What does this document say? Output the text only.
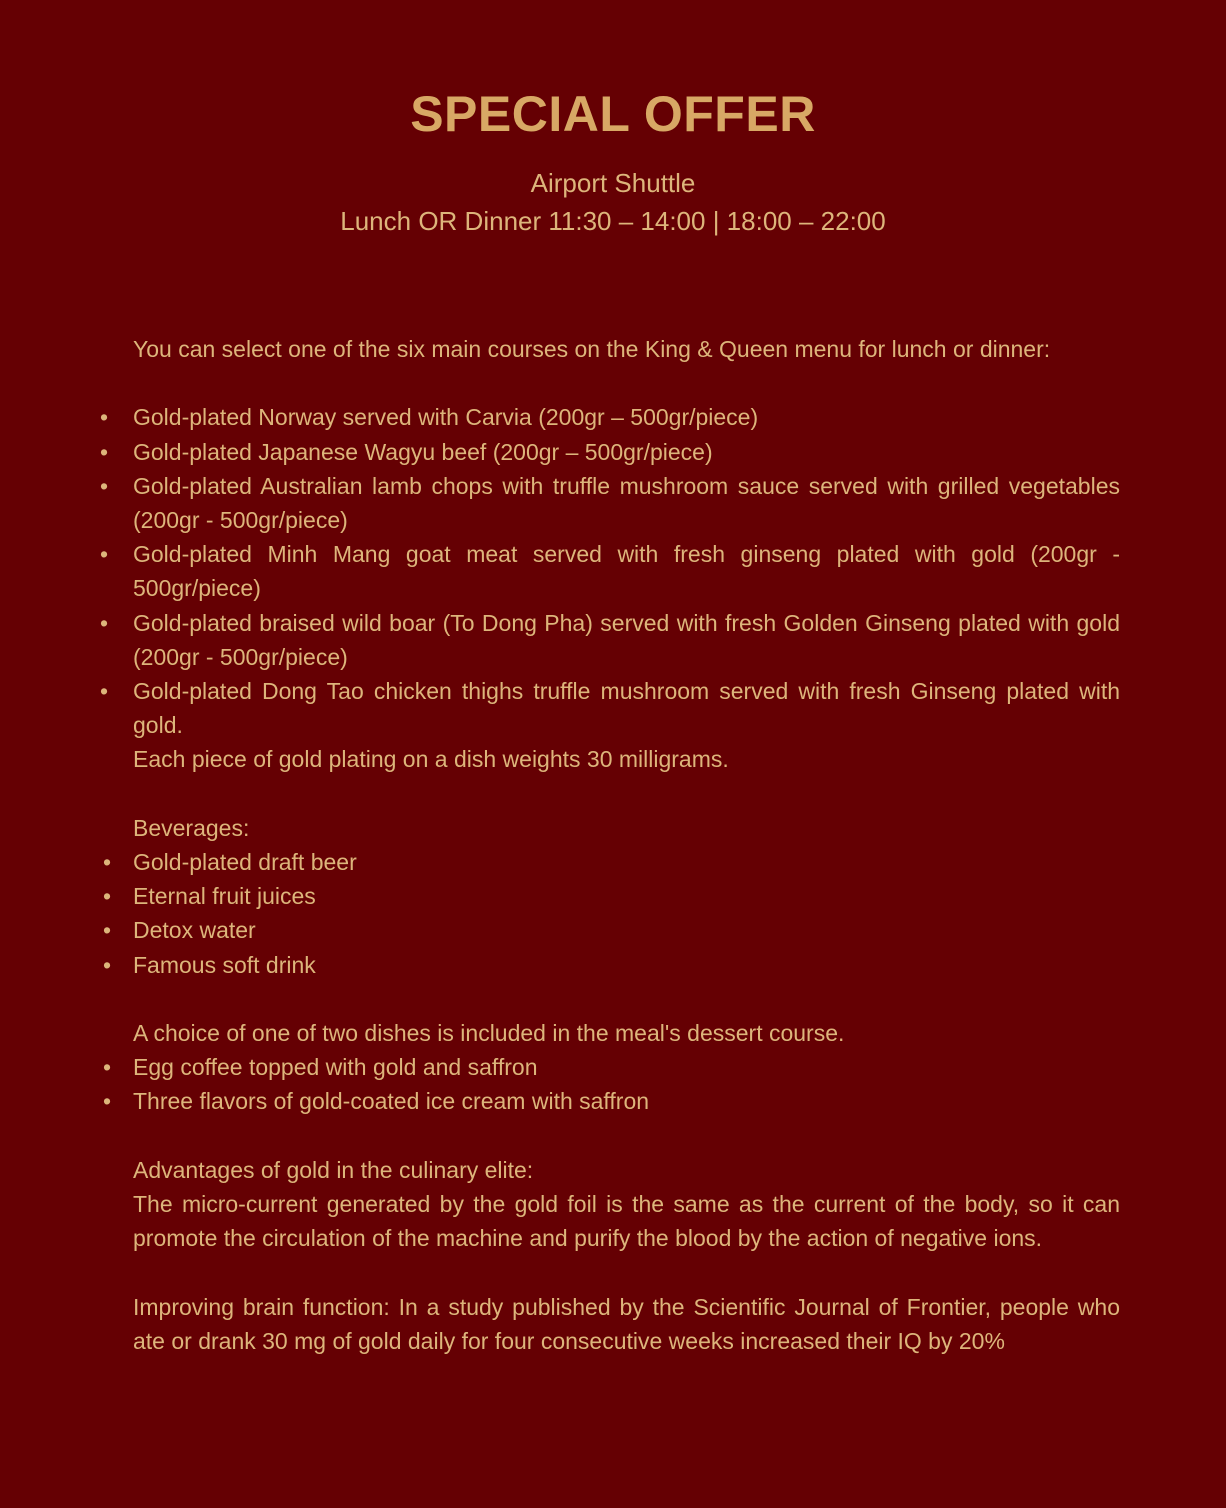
SPECIAL OFFER

Airport Shuttle

Lunch OR Dinner 11:30 – 14:00 | 18:00 – 22:00

You can select one of the six main courses on the King & Queen menu for lunch or dinner:

• Gold-plated Norway served with Carvia (200gr – 500gr/piece)
• Gold-plated Japanese Wagyu beef (200gr – 500gr/piece)
• Gold-plated Australian lamb chops with truffle mushroom sauce served with grilled vegetables (200gr - 500gr/piece)
• Gold-plated Minh Mang goat meat served with fresh ginseng plated with gold (200gr - 500gr/piece)
• Gold-plated braised wild boar (To Dong Pha) served with fresh Golden Ginseng plated with gold (200gr - 500gr/piece)
• Gold-plated Dong Tao chicken thighs truffle mushroom served with fresh Ginseng plated with gold.

Each piece of gold plating on a dish weights 30 milligrams.

Beverages:

• Gold-plated draft beer
• Eternal fruit juices
• Detox water
• Famous soft drink

A choice of one of two dishes is included in the meal's dessert course.

• Egg coffee topped with gold and saffron
• Three flavors of gold-coated ice cream with saffron

Advantages of gold in the culinary elite:

The micro-current generated by the gold foil is the same as the current of the body, so it can promote the circulation of the machine and purify the blood by the action of negative ions.

Improving brain function: In a study published by the Scientific Journal of Frontier, people who ate or drank 30 mg of gold daily for four consecutive weeks increased their IQ by 20%
